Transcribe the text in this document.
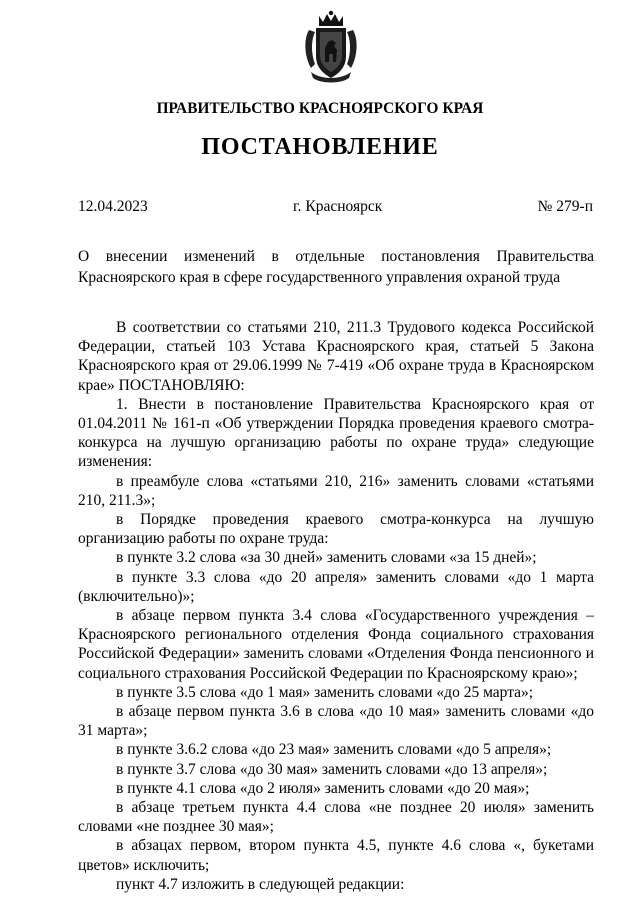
ПРАВИТЕЛЬСТВО КРАСНОЯРСКОГО КРАЯ
ПОСТАНОВЛЕНИЕ
12.04.2023	г. Красноярск	№ 279-п
О внесении изменений в отдельные постановления Правительства Красноярского края в сфере государственного управления охраной труда

В соответствии со статьями 210, 211.3 Трудового кодекса Российской Федерации, статьей 103 Устава Красноярского края, статьей 5 Закона Красноярского края от 29.06.1999 № 7-419 «Об охране труда в Красноярском крае» ПОСТАНОВЛЯЮ:

1. Внести в постановление Правительства Красноярского края от 01.04.2011 № 161-п «Об утверждении Порядка проведения краевого смотра-конкурса на лучшую организацию работы по охране труда» следующие изменения:

в преамбуле слова «статьями 210, 216» заменить словами «статьями 210, 211.3»;

в Порядке проведения краевого смотра-конкурса на лучшую организацию работы по охране труда:

в пункте 3.2 слова «за 30 дней» заменить словами «за 15 дней»;

в пункте 3.3 слова «до 20 апреля» заменить словами «до 1 марта (включительно)»;

в абзаце первом пункта 3.4 слова «Государственного учреждения – Красноярского регионального отделения Фонда социального страхования Российской Федерации» заменить словами «Отделения Фонда пенсионного и социального страхования Российской Федерации по Красноярскому краю»;

в пункте 3.5 слова «до 1 мая» заменить словами «до 25 марта»;

в абзаце первом пункта 3.6 в слова «до 10 мая» заменить словами «до 31 марта»;

в пункте 3.6.2 слова «до 23 мая» заменить словами «до 5 апреля»;

в пункте 3.7 слова «до 30 мая» заменить словами «до 13 апреля»;

в пункте 4.1 слова «до 2 июля» заменить словами «до 20 мая»;

в абзаце третьем пункта 4.4 слова «не позднее 20 июля» заменить словами «не позднее 30 мая»;

в абзацах первом, втором пункта 4.5, пункте 4.6 слова «, букетами цветов» исключить;

пункт 4.7 изложить в следующей редакции:
